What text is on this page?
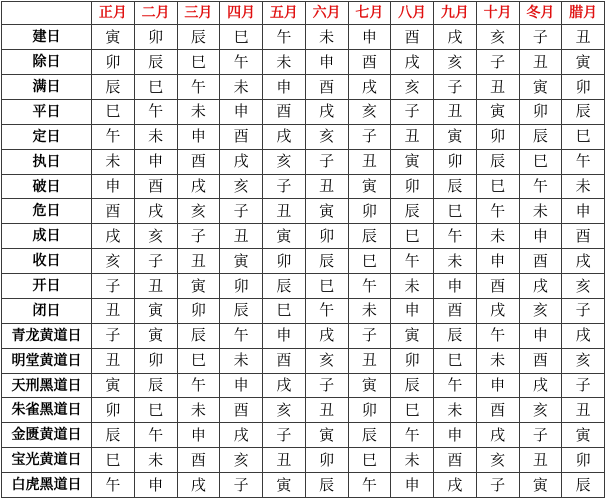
	正月	二月	三月	四月	五月	六月	七月	八月	九月	十月	冬月	腊月
建日	寅	卯	辰	巳	午	未	申	酉	戌	亥	子	丑
除日	卯	辰	巳	午	未	申	酉	戌	亥	子	丑	寅
满日	辰	巳	午	未	申	酉	戌	亥	子	丑	寅	卯
平日	巳	午	未	申	酉	戌	亥	子	丑	寅	卯	辰
定日	午	未	申	酉	戌	亥	子	丑	寅	卯	辰	巳
执日	未	申	酉	戌	亥	子	丑	寅	卯	辰	巳	午
破日	申	酉	戌	亥	子	丑	寅	卯	辰	巳	午	未
危日	酉	戌	亥	子	丑	寅	卯	辰	巳	午	未	申
成日	戌	亥	子	丑	寅	卯	辰	巳	午	未	申	酉
收日	亥	子	丑	寅	卯	辰	巳	午	未	申	酉	戌
开日	子	丑	寅	卯	辰	巳	午	未	申	酉	戌	亥
闭日	丑	寅	卯	辰	巳	午	未	申	酉	戌	亥	子
青龙黄道日	子	寅	辰	午	申	戌	子	寅	辰	午	申	戌
明堂黄道日	丑	卯	巳	未	酉	亥	丑	卯	巳	未	酉	亥
天刑黑道日	寅	辰	午	申	戌	子	寅	辰	午	申	戌	子
朱雀黑道日	卯	巳	未	酉	亥	丑	卯	巳	未	酉	亥	丑
金匮黄道日	辰	午	申	戌	子	寅	辰	午	申	戌	子	寅
宝光黄道日	巳	未	酉	亥	丑	卯	巳	未	酉	亥	丑	卯
白虎黑道日	午	申	戌	子	寅	辰	午	申	戌	子	寅	辰
